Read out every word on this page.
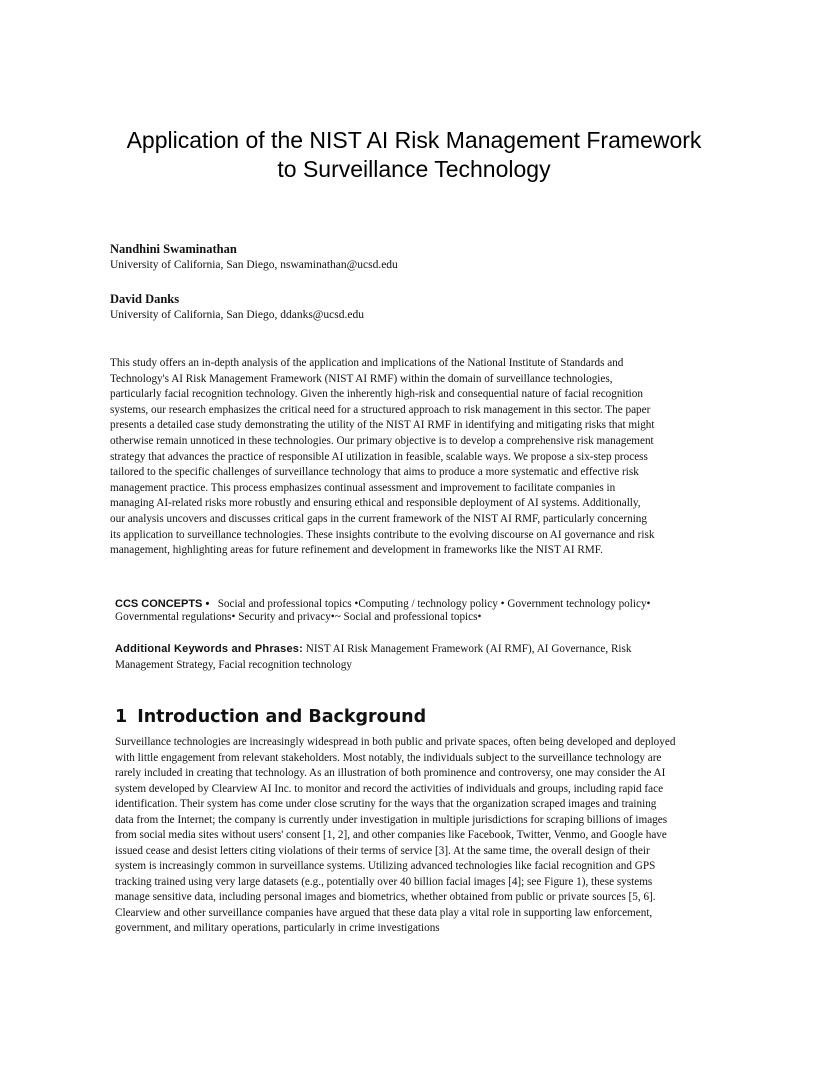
Application of the NIST AI Risk Management Framework
to Surveillance Technology
Nandhini Swaminathan
University of California, San Diego, nswaminathan@ucsd.edu
David Danks
University of California, San Diego, ddanks@ucsd.edu
This study offers an in-depth analysis of the application and implications of the National Institute of Standards and
Technology's AI Risk Management Framework (NIST AI RMF) within the domain of surveillance technologies,
particularly facial recognition technology. Given the inherently high-risk and consequential nature of facial recognition
systems, our research emphasizes the critical need for a structured approach to risk management in this sector. The paper
presents a detailed case study demonstrating the utility of the NIST AI RMF in identifying and mitigating risks that might
otherwise remain unnoticed in these technologies. Our primary objective is to develop a comprehensive risk management
strategy that advances the practice of responsible AI utilization in feasible, scalable ways. We propose a six-step process
tailored to the specific challenges of surveillance technology that aims to produce a more systematic and effective risk
management practice. This process emphasizes continual assessment and improvement to facilitate companies in
managing AI-related risks more robustly and ensuring ethical and responsible deployment of AI systems. Additionally,
our analysis uncovers and discusses critical gaps in the current framework of the NIST AI RMF, particularly concerning
its application to surveillance technologies. These insights contribute to the evolving discourse on AI governance and risk
management, highlighting areas for future refinement and development in frameworks like the NIST AI RMF.
CCS CONCEPTS • Social and professional topics •Computing / technology policy • Government technology policy•
Governmental regulations• Security and privacy•~ Social and professional topics•
Additional Keywords and Phrases: NIST AI Risk Management Framework (AI RMF), AI Governance, Risk
Management Strategy, Facial recognition technology
1 Introduction and Background
Surveillance technologies are increasingly widespread in both public and private spaces, often being developed and deployed
with little engagement from relevant stakeholders. Most notably, the individuals subject to the surveillance technology are
rarely included in creating that technology. As an illustration of both prominence and controversy, one may consider the AI
system developed by Clearview AI Inc. to monitor and record the activities of individuals and groups, including rapid face
identification. Their system has come under close scrutiny for the ways that the organization scraped images and training
data from the Internet; the company is currently under investigation in multiple jurisdictions for scraping billions of images
from social media sites without users' consent [1, 2], and other companies like Facebook, Twitter, Venmo, and Google have
issued cease and desist letters citing violations of their terms of service [3]. At the same time, the overall design of their
system is increasingly common in surveillance systems. Utilizing advanced technologies like facial recognition and GPS
tracking trained using very large datasets (e.g., potentially over 40 billion facial images [4]; see Figure 1), these systems
manage sensitive data, including personal images and biometrics, whether obtained from public or private sources [5, 6].
Clearview and other surveillance companies have argued that these data play a vital role in supporting law enforcement,
government, and military operations, particularly in crime investigations
